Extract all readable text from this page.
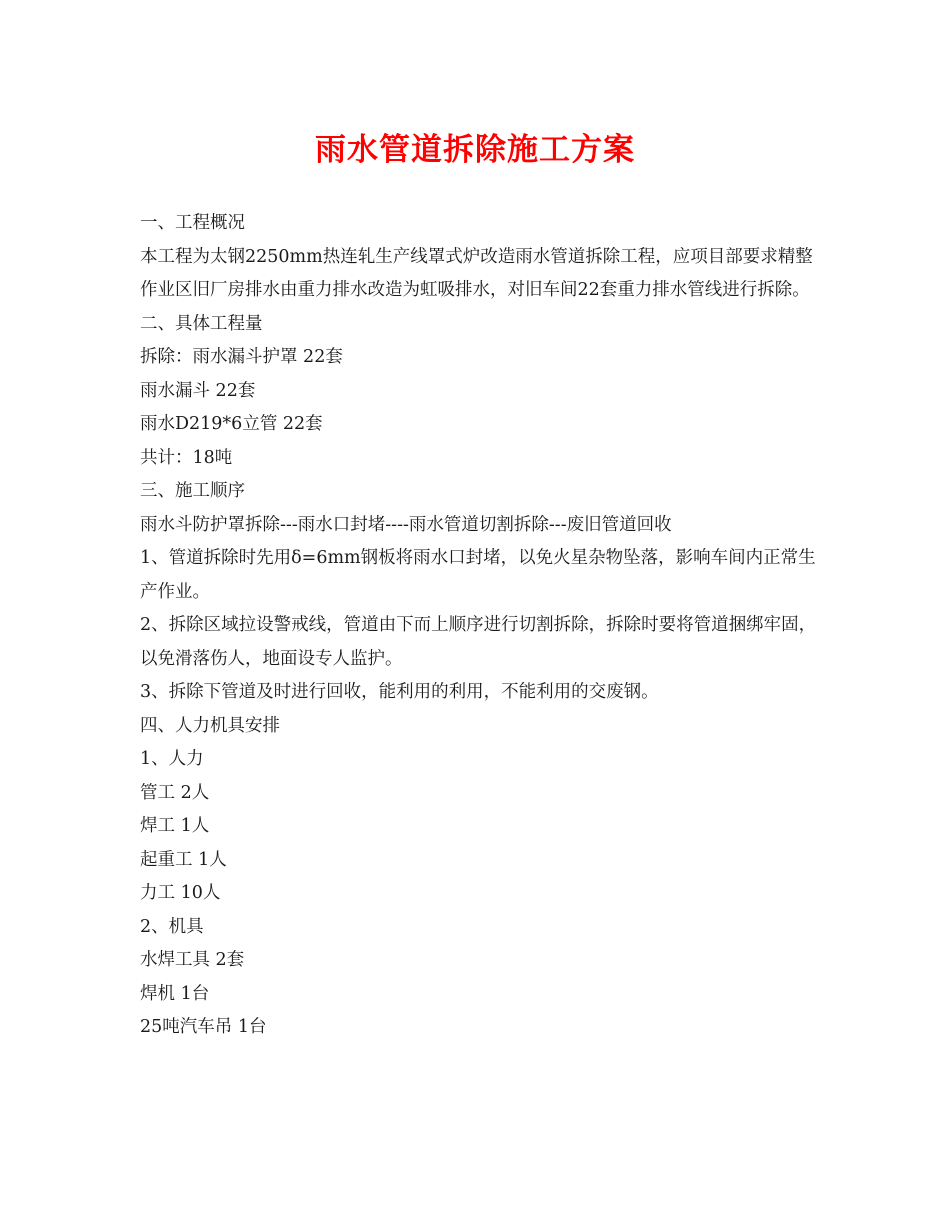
雨水管道拆除施工方案

一、工程概况

本工程为太钢2250mm热连轧生产线罩式炉改造雨水管道拆除工程，应项目部要求精整作业区旧厂房排水由重力排水改造为虹吸排水，对旧车间22套重力排水管线进行拆除。

二、具体工程量

拆除：雨水漏斗护罩 22套

雨水漏斗 22套

雨水D219*6立管 22套

共计：18吨

三、施工顺序

雨水斗防护罩拆除---雨水口封堵----雨水管道切割拆除---废旧管道回收

1、管道拆除时先用δ=6mm钢板将雨水口封堵，以免火星杂物坠落，影响车间内正常生产作业。

2、拆除区域拉设警戒线，管道由下而上顺序进行切割拆除，拆除时要将管道捆绑牢固，以免滑落伤人，地面设专人监护。

3、拆除下管道及时进行回收，能利用的利用，不能利用的交废钢。

四、人力机具安排

1、人力

管工 2人

焊工 1人

起重工 1人

力工 10人

2、机具

水焊工具 2套

焊机 1台

25吨汽车吊 1台
